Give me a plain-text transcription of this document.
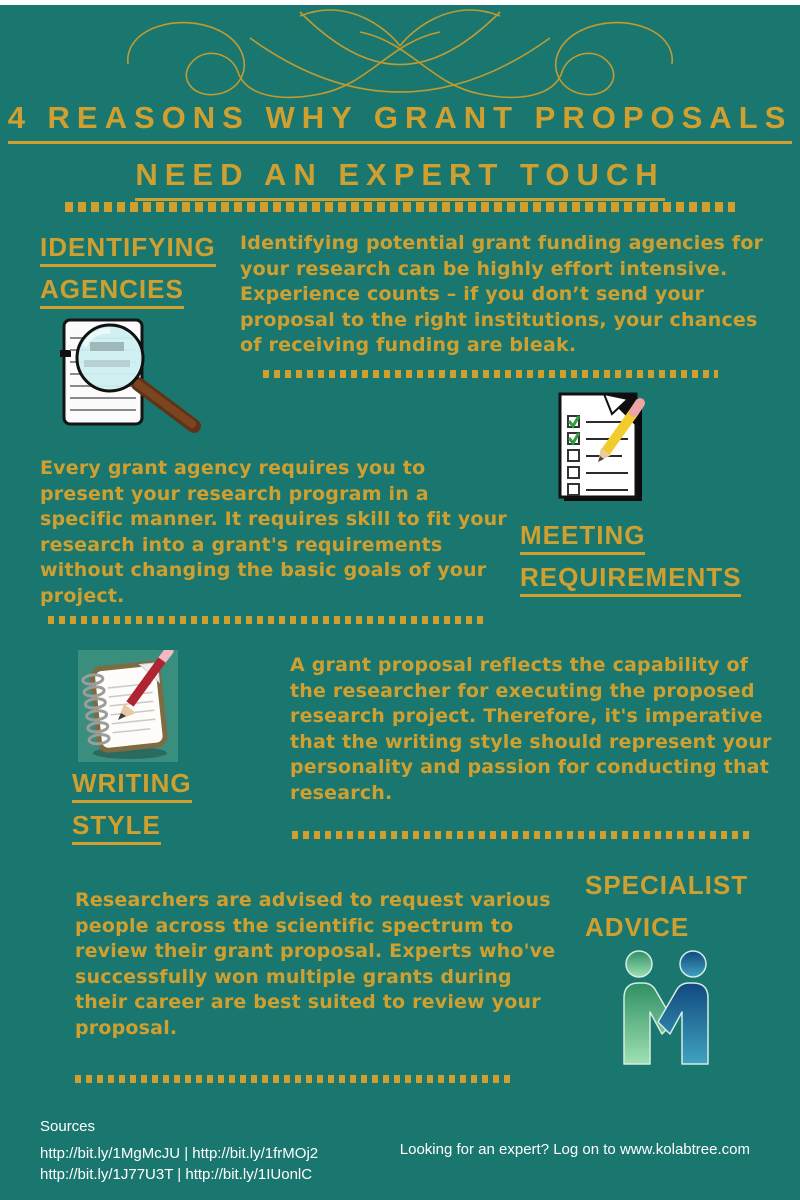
4 REASONS WHY GRANT PROPOSALS
NEED AN EXPERT TOUCH
IDENTIFYING
AGENCIES
Identifying potential grant funding agencies for your research can be highly effort intensive. Experience counts – if you don’t send your proposal to the right institutions, your chances of receiving funding are bleak.
Every grant agency requires you to present your research program in a specific manner. It requires skill to fit your research into a grant's requirements without changing the basic goals of your project.
MEETING
REQUIREMENTS
WRITING
STYLE
A grant proposal reflects the capability of the researcher for executing the proposed research project. Therefore, it's imperative that the writing style should represent your personality and passion for conducting that research.
Researchers are advised to request various people across the scientific spectrum to review their grant proposal. Experts who've successfully won multiple grants during their career are best suited to review your proposal.
SPECIALIST
ADVICE
Sources
http://bit.ly/1MgMcJU | http://bit.ly/1frMOj2
http://bit.ly/1J77U3T | http://bit.ly/1IUonlC
Looking for an expert? Log on to www.kolabtree.com
